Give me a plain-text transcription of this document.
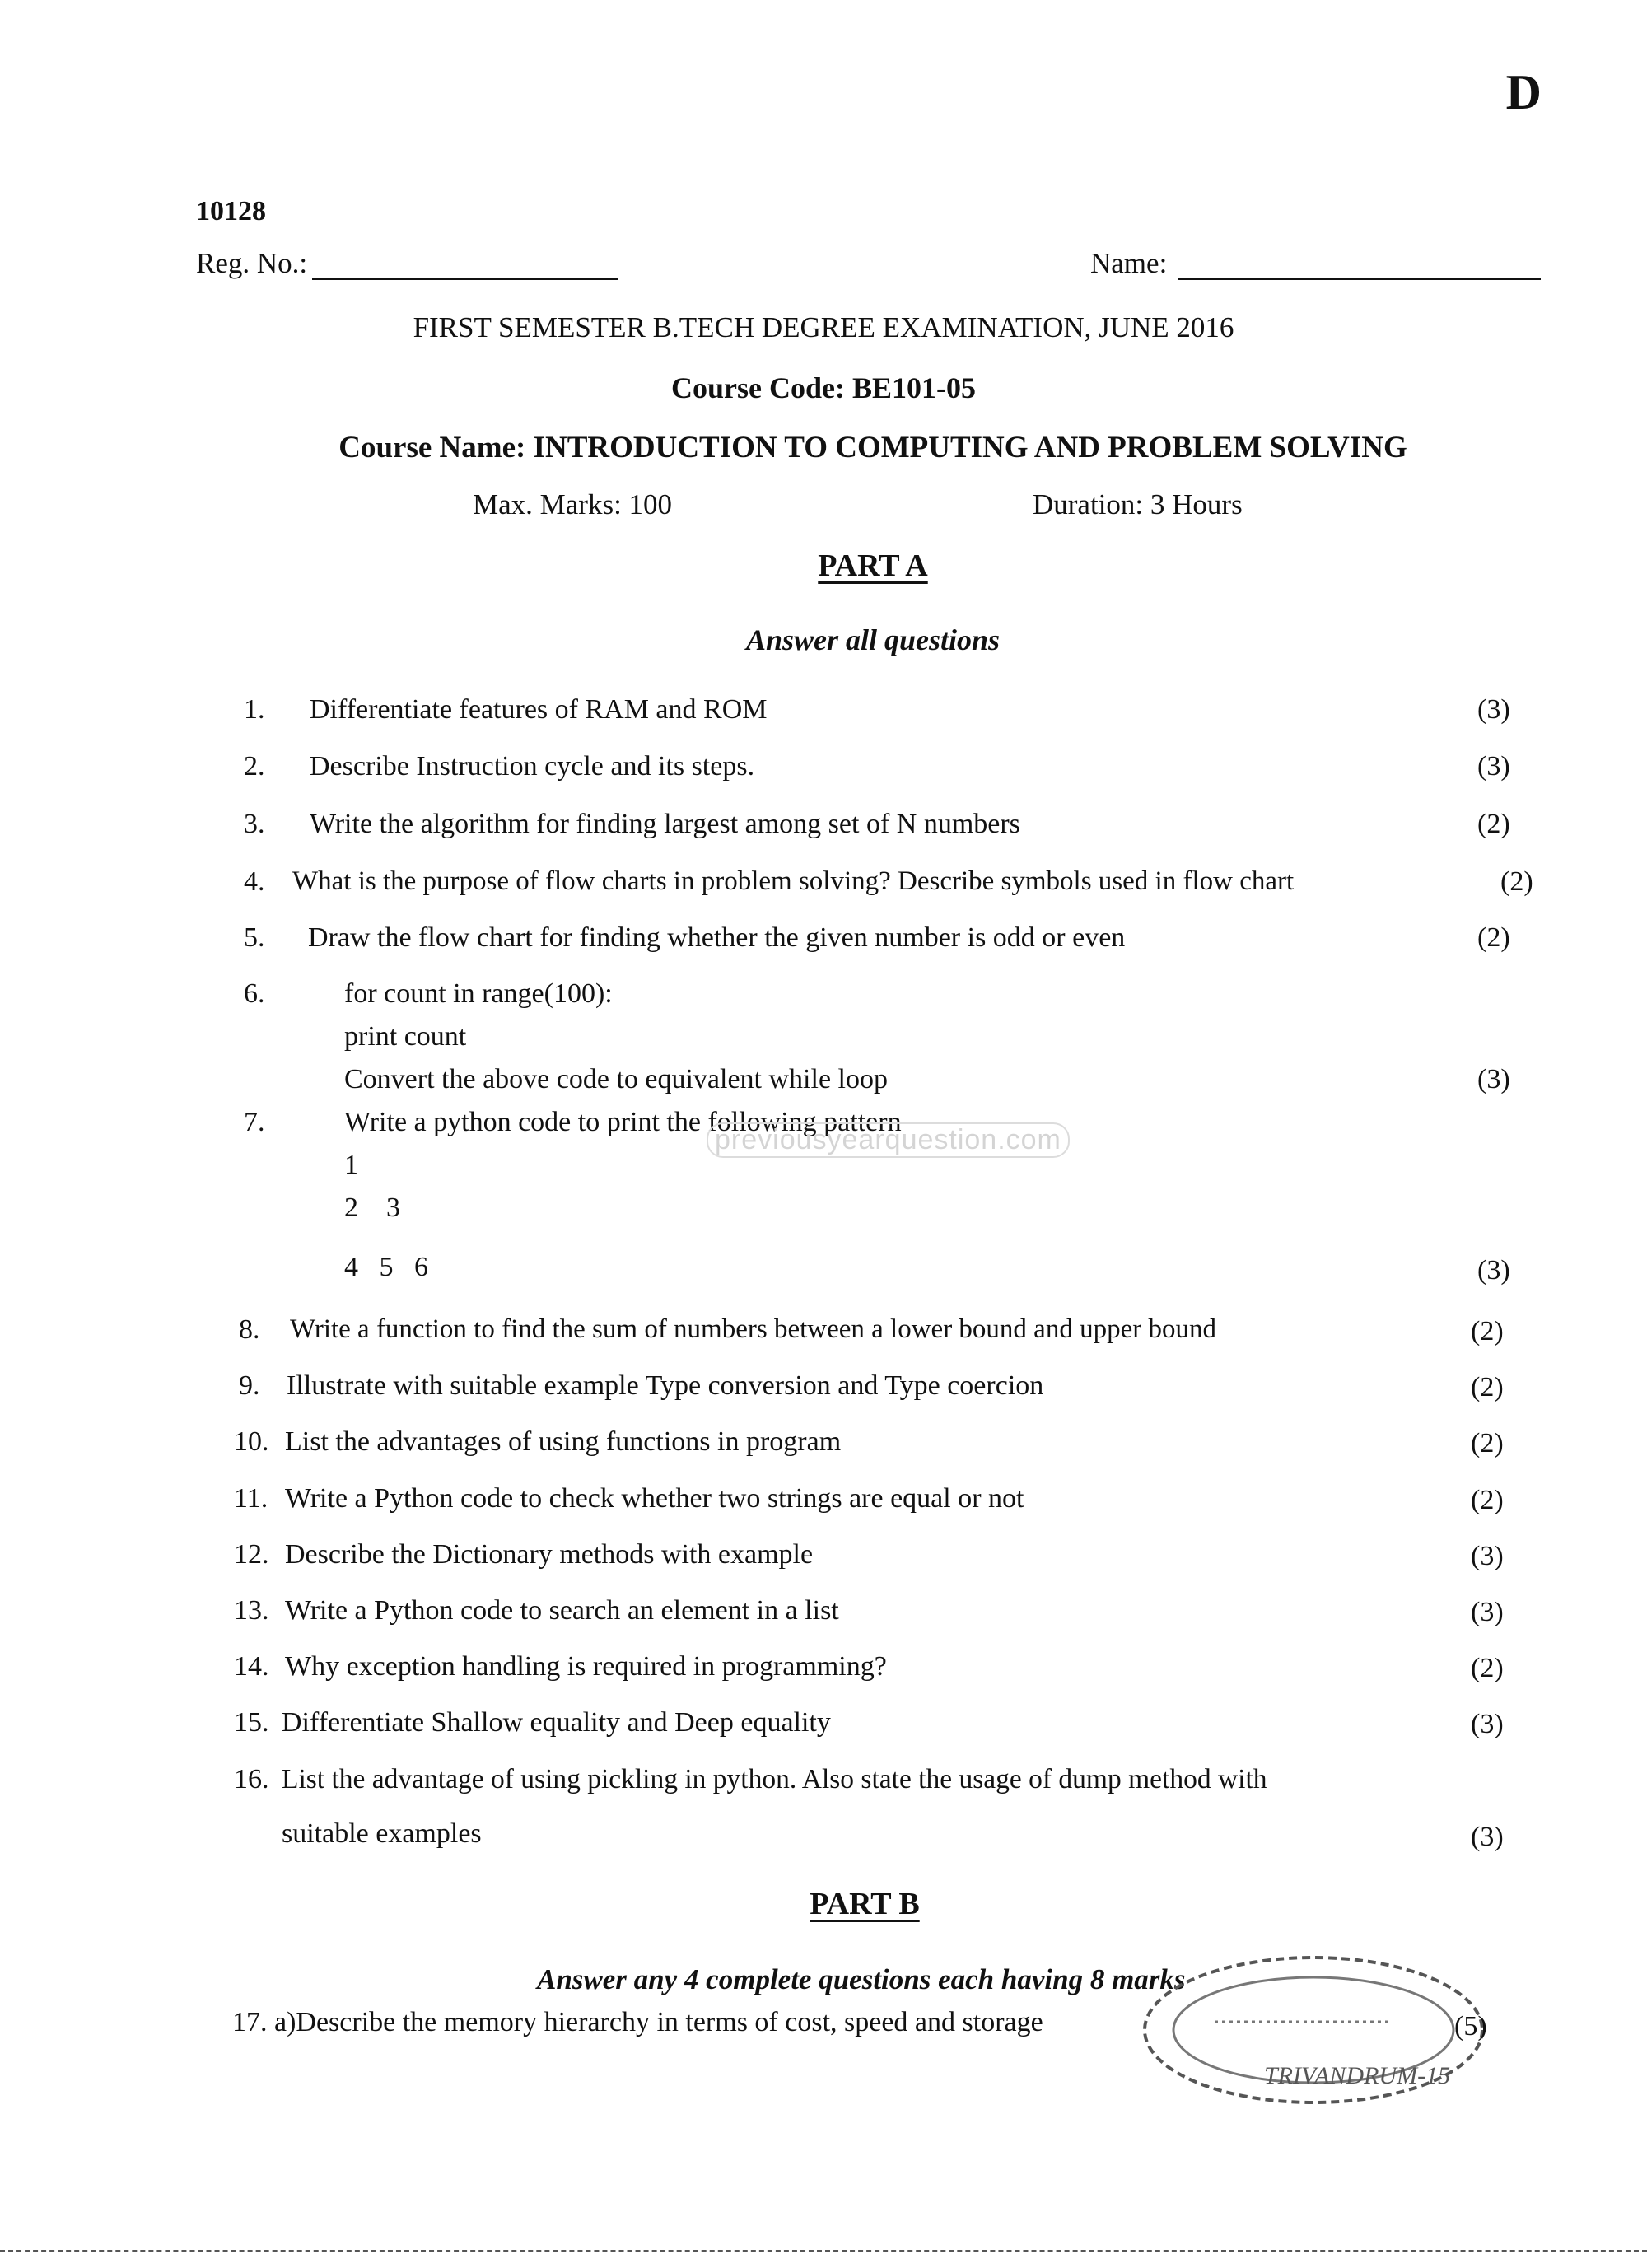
D
10128
Reg. No.:	Name:
FIRST SEMESTER B.TECH DEGREE EXAMINATION, JUNE 2016
Course Code: BE101-05
Course Name: INTRODUCTION TO COMPUTING AND PROBLEM SOLVING
Max. Marks: 100	Duration: 3 Hours
PART A
Answer all questions
1. Differentiate features of RAM and ROM	(3)
2. Describe Instruction cycle and its steps.	(3)
3. Write the algorithm for finding largest among set of N numbers	(2)
4. What is the purpose of flow charts in problem solving? Describe symbols used in flow chart	(2)
5. Draw the flow chart for finding whether the given number is odd or even	(2)
6.	for count in range(100):
print count
Convert the above code to equivalent while loop	(3)
7.	Write a python code to print the following pattern
1
2    3
4   5   6	(3)
8. Write a function to find the sum of numbers between a lower bound and upper bound	(2)
9. Illustrate with suitable example Type conversion and Type coercion	(2)
10. List the advantages of using functions in program	(2)
11. Write a Python code to check whether two strings are equal or not	(2)
12. Describe the Dictionary methods with example	(3)
13. Write a Python code to search an element in a list	(3)
14. Why exception handling is required in programming?	(2)
15. Differentiate Shallow equality and Deep equality	(3)
16. List the advantage of using pickling in python. Also state the usage of dump method with
suitable examples	(3)
PART B
Answer any 4 complete questions each having 8 marks
17. a)Describe the memory hierarchy in terms of cost, speed and storage	(5)
previousyearquestion.com
TRIVANDRUM-15
